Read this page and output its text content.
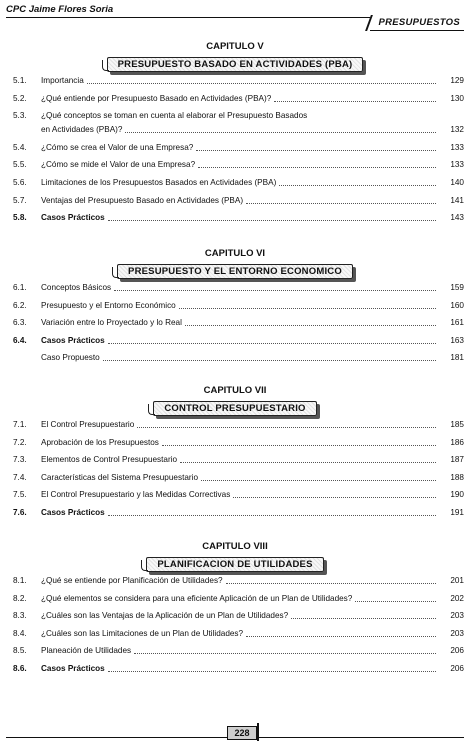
CPC Jaime Flores Soria
PRESUPUESTOS
CAPITULO V
PRESUPUESTO BASADO EN ACTIVIDADES (PBA)
5.1. Importancia	129
5.2. ¿Qué entiende por Presupuesto Basado en Actividades (PBA)?	130
5.3. ¿Qué conceptos se toman en cuenta al elaborar el Presupuesto Basados
en Actividades (PBA)?	132
5.4. ¿Cómo se crea el Valor de una Empresa?	133
5.5. ¿Cómo se mide el Valor de una Empresa?	133
5.6. Limitaciones de los Presupuestos Basados en Actividades (PBA)	140
5.7. Ventajas del Presupuesto Basado en Actividades (PBA)	141
5.8. Casos Prácticos	143
CAPITULO VI
PRESUPUESTO Y EL ENTORNO ECONOMICO
6.1. Conceptos Básicos	159
6.2. Presupuesto y el Entorno Económico	160
6.3. Variación entre lo Proyectado y lo Real	161
6.4. Casos Prácticos	163
Caso Propuesto	181
CAPITULO VII
CONTROL PRESUPUESTARIO
7.1. El Control Presupuestario	185
7.2. Aprobación de los Presupuestos	186
7.3. Elementos de Control Presupuestario	187
7.4. Características del Sistema Presupuestario	188
7.5. El Control Presupuestario y las Medidas Correctivas	190
7.6. Casos Prácticos	191
CAPITULO VIII
PLANIFICACION DE UTILIDADES
8.1. ¿Qué se entiende por Planificación de Utilidades?	201
8.2. ¿Qué elementos se considera para una eficiente Aplicación de un Plan de Utilidades?	202
8.3. ¿Cuáles son las Ventajas de la Aplicación de un Plan de Utilidades?	203
8.4. ¿Cuáles son las Limitaciones de un Plan de Utilidades?	203
8.5. Planeación de Utilidades	206
8.6. Casos Prácticos	206
228
